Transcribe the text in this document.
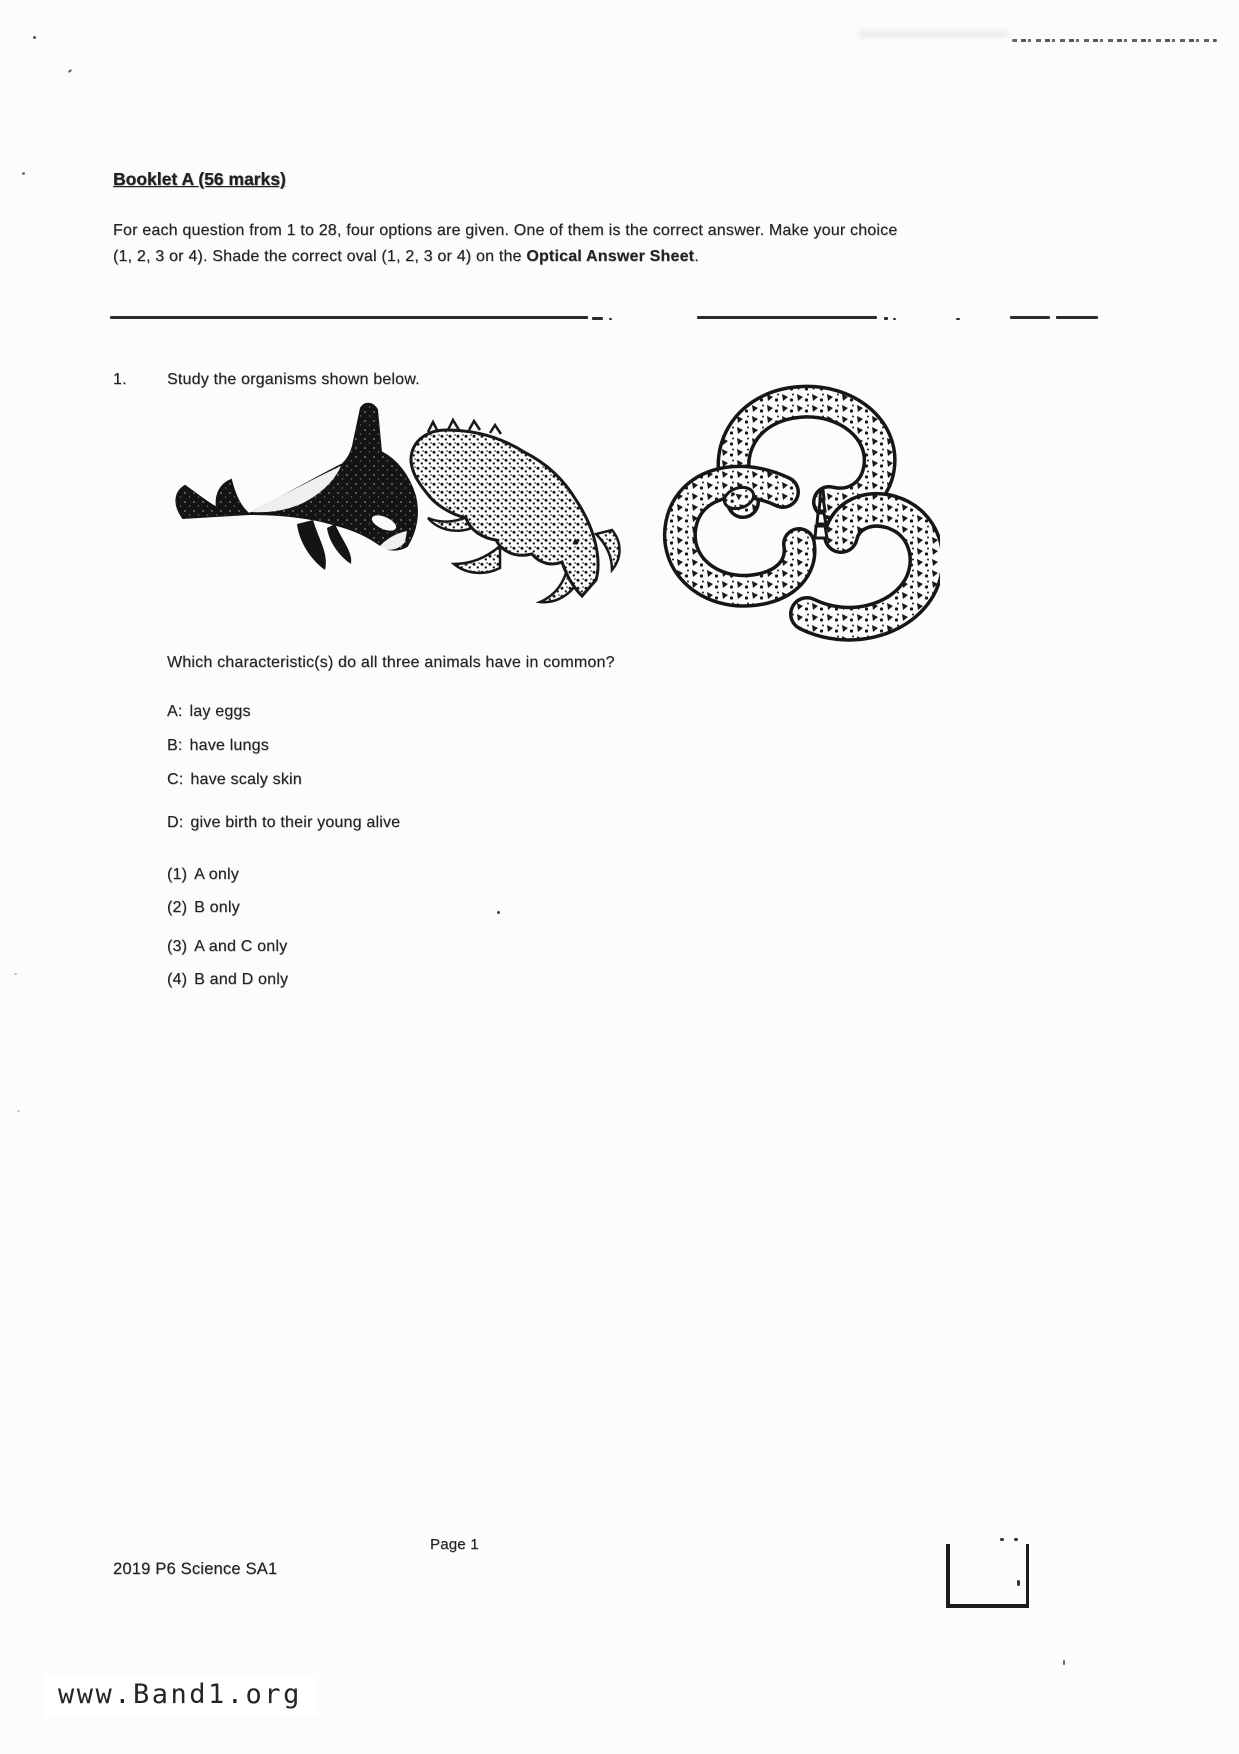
Booklet A (56 marks)
For each question from 1 to 28, four options are given. One of them is the correct answer. Make your choice (1, 2, 3 or 4). Shade the correct oval (1, 2, 3 or 4) on the Optical Answer Sheet.
1.	Study the organisms shown below.
Which characteristic(s) do all three animals have in common?
A: lay eggs
B: have lungs
C: have scaly skin
D: give birth to their young alive
(1) A only
(2) B only
(3) A and C only
(4) B and D only
Page 1
2019 P6 Science SA1
www.Band1.org
